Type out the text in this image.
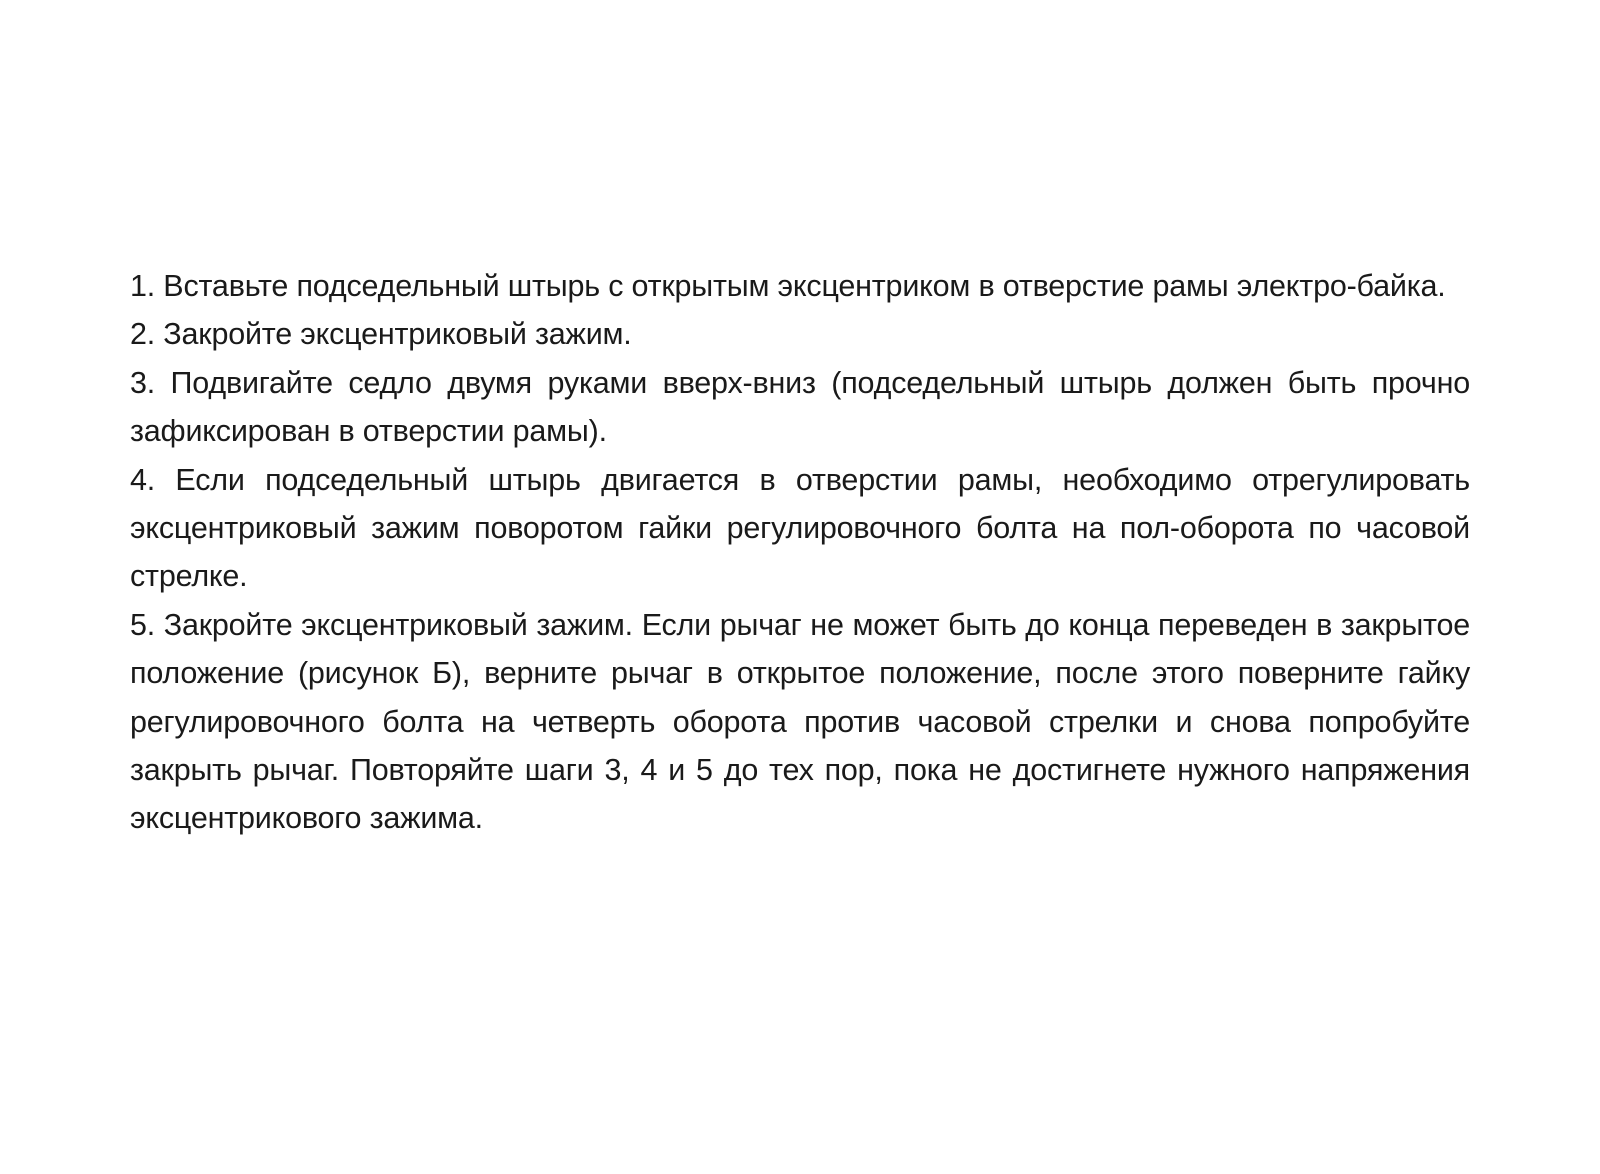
1. Вставьте подседельный штырь с открытым эксцентриком в отверстие рамы электро-байка.

2. Закройте эксцентриковый зажим.

3. Подвигайте седло двумя руками вверх-вниз (подседельный штырь должен быть прочно зафиксирован в отверстии рамы).

4. Если подседельный штырь двигается в отверстии рамы, необходимо отрегулировать эксцентриковый зажим поворотом гайки регулировочного болта на пол-оборота по часовой стрелке.

5. Закройте эксцентриковый зажим. Если рычаг не может быть до конца переведен в закрытое положение (рисунок Б), верните рычаг в открытое положение, после этого поверните гайку регулировочного болта на четверть оборота против часовой стрелки и снова попробуйте закрыть рычаг. Повторяйте шаги 3, 4 и 5 до тех пор, пока не достигнете нужного напряжения эксцентрикового зажима.
